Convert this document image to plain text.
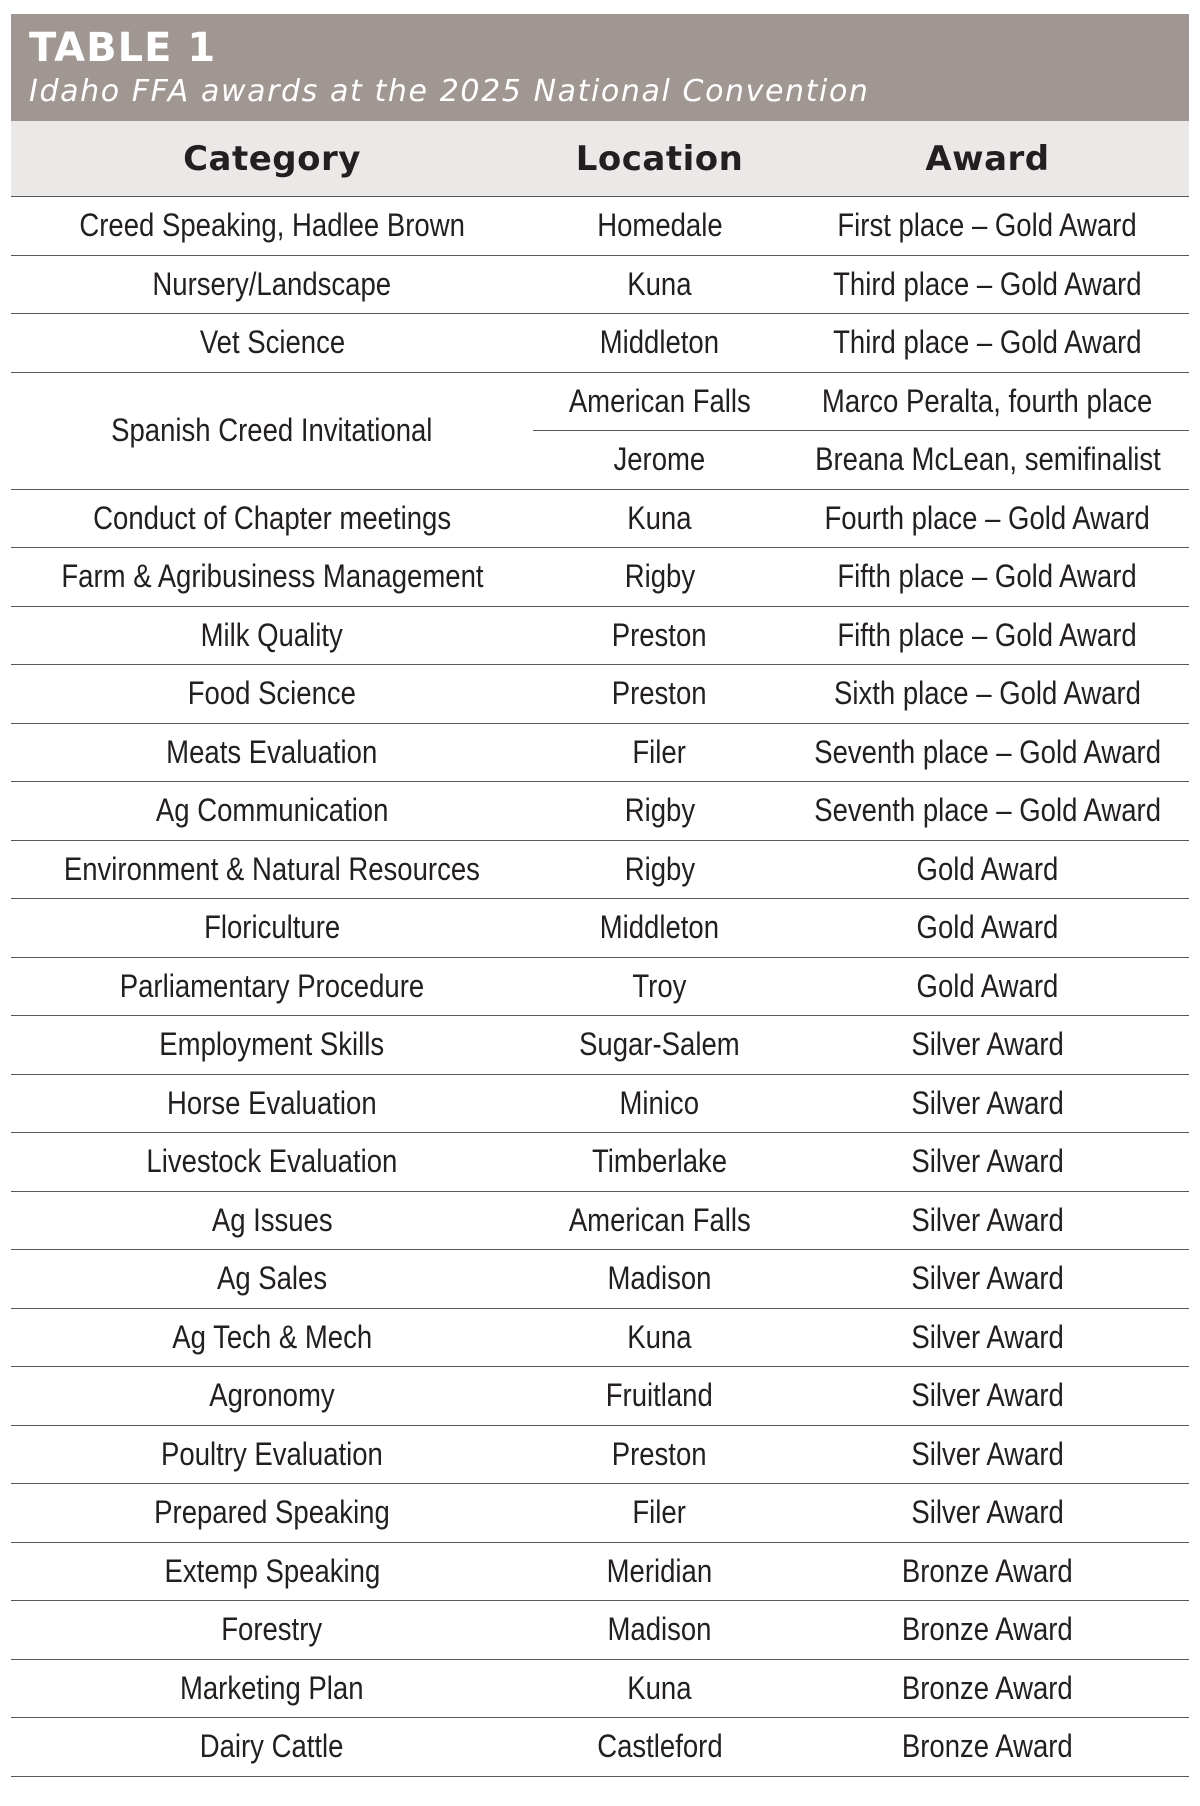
TABLE 1
Idaho FFA awards at the 2025 National Convention
Category	Location	Award
Creed Speaking, Hadlee Brown	Homedale	First place – Gold Award
Nursery/Landscape	Kuna	Third place – Gold Award
Vet Science	Middleton	Third place – Gold Award
Spanish Creed Invitational	American Falls	Marco Peralta, fourth place
	Jerome	Breana McLean, semifinalist
Conduct of Chapter meetings	Kuna	Fourth place – Gold Award
Farm & Agribusiness Management	Rigby	Fifth place – Gold Award
Milk Quality	Preston	Fifth place – Gold Award
Food Science	Preston	Sixth place – Gold Award
Meats Evaluation	Filer	Seventh place – Gold Award
Ag Communication	Rigby	Seventh place – Gold Award
Environment & Natural Resources	Rigby	Gold Award
Floriculture	Middleton	Gold Award
Parliamentary Procedure	Troy	Gold Award
Employment Skills	Sugar-Salem	Silver Award
Horse Evaluation	Minico	Silver Award
Livestock Evaluation	Timberlake	Silver Award
Ag Issues	American Falls	Silver Award
Ag Sales	Madison	Silver Award
Ag Tech & Mech	Kuna	Silver Award
Agronomy	Fruitland	Silver Award
Poultry Evaluation	Preston	Silver Award
Prepared Speaking	Filer	Silver Award
Extemp Speaking	Meridian	Bronze Award
Forestry	Madison	Bronze Award
Marketing Plan	Kuna	Bronze Award
Dairy Cattle	Castleford	Bronze Award
